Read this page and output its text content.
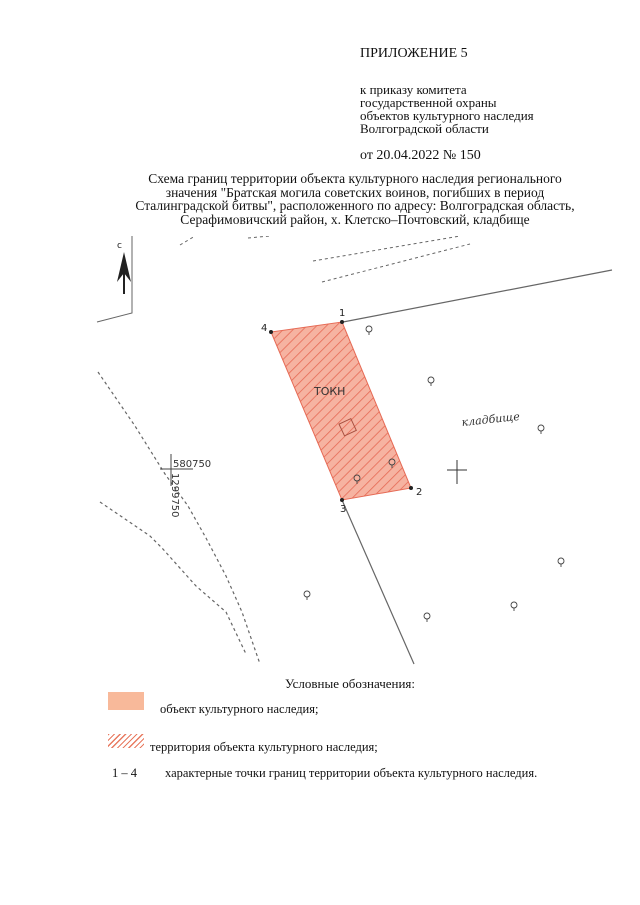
ПРИЛОЖЕНИЕ 5
к приказу комитета
государственной охраны
объектов культурного наследия
Волгоградской области
от 20.04.2022 № 150
Схема границ территории объекта культурного наследия регионального
значения "Братская могила советских воинов, погибших в период
Сталинградской битвы", расположенного по адресу: Волгоградская область,
Серафимовичский район, х. Клетско–Почтовский, кладбище
с
580750
1299750
ТОКН
1
2
3
4
кладбище
Условные обозначения:
объект культурного наследия;
территория объекта культурного наследия;
1 – 4 характерные точки границ территории объекта культурного наследия.
